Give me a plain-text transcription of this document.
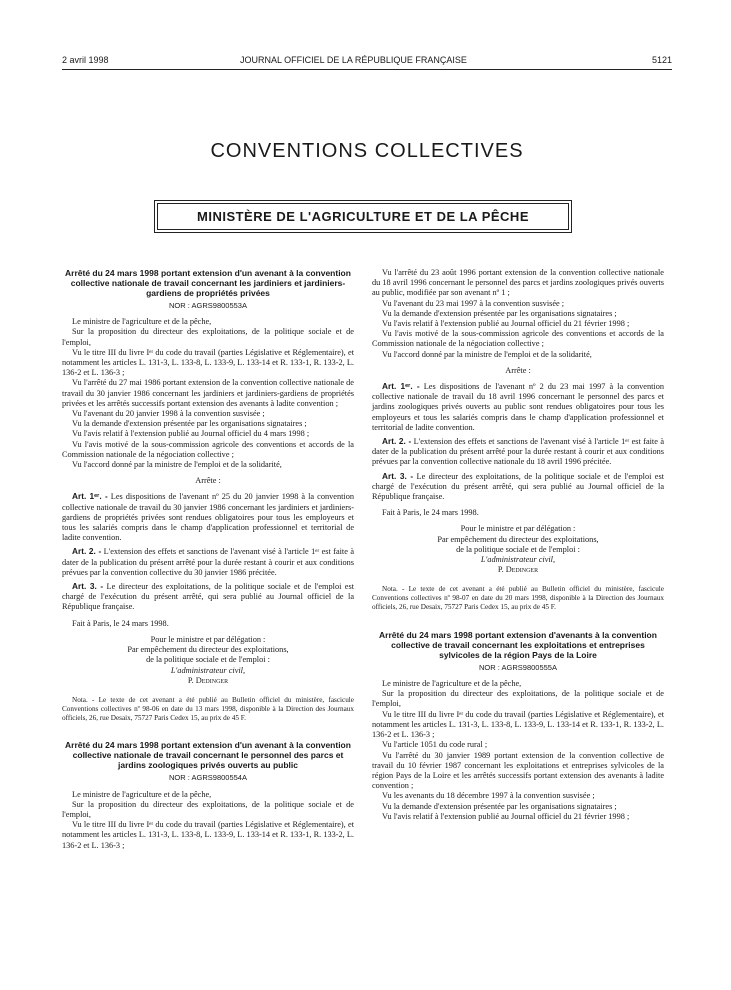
2 avril 1998	JOURNAL OFFICIEL DE LA RÉPUBLIQUE FRANÇAISE	5121
CONVENTIONS COLLECTIVES
MINISTÈRE DE L'AGRICULTURE ET DE LA PÊCHE

Arrêté du 24 mars 1998 portant extension d'un avenant à la convention collective nationale de travail concernant les jardiniers et jardiniers-gardiens de propriétés privées

NOR : AGRS9800553A

Le ministre de l'agriculture et de la pêche,

Sur la proposition du directeur des exploitations, de la politique sociale et de l'emploi,

Vu le titre III du livre Iᵉʳ du code du travail (parties Législative et Réglementaire), et notamment les articles L. 131-3, L. 133-8, L. 133-9, L. 133-14 et R. 133-1, R. 133-2, L. 136-2 et L. 136-3 ;

Vu l'arrêté du 27 mai 1986 portant extension de la convention collective nationale de travail du 30 janvier 1986 concernant les jardiniers et jardiniers-gardiens de propriétés privées et les arrêtés successifs portant extension des avenants à ladite convention ;

Vu l'avenant du 20 janvier 1998 à la convention susvisée ;

Vu la demande d'extension présentée par les organisations signataires ;

Vu l'avis relatif à l'extension publié au Journal officiel du 4 mars 1998 ;

Vu l'avis motivé de la sous-commission agricole des conventions et accords de la Commission nationale de la négociation collective ;

Vu l'accord donné par la ministre de l'emploi et de la solidarité,

Arrête :

Art. 1ᵉʳ. - Les dispositions de l'avenant nº 25 du 20 janvier 1998 à la convention collective nationale de travail du 30 janvier 1986 concernant les jardiniers et jardiniers-gardiens de propriétés privées sont rendues obligatoires pour tous les employeurs et tous les salariés compris dans le champ d'application professionnel et territorial de ladite convention.

Art. 2. - L'extension des effets et sanctions de l'avenant visé à l'article 1ᵉʳ est faite à dater de la publication du présent arrêté pour la durée restant à courir et aux conditions prévues par la convention collective du 30 janvier 1986 précitée.

Art. 3. - Le directeur des exploitations, de la politique sociale et de l'emploi est chargé de l'exécution du présent arrêté, qui sera publié au Journal officiel de la République française.

Fait à Paris, le 24 mars 1998.

Pour le ministre et par délégation :

Par empêchement du directeur des exploitations,

de la politique sociale et de l'emploi :

L'administrateur civil,

P. Dedinger

Nota. - Le texte de cet avenant a été publié au Bulletin officiel du ministère, fascicule Conventions collectives nº 98-06 en date du 13 mars 1998, disponible à la Direction des Journaux officiels, 26, rue Desaix, 75727 Paris Cedex 15, au prix de 45 F.

Arrêté du 24 mars 1998 portant extension d'un avenant à la convention collective nationale de travail concernant le personnel des parcs et jardins zoologiques privés ouverts au public

NOR : AGRS9800554A

Le ministre de l'agriculture et de la pêche,

Sur la proposition du directeur des exploitations, de la politique sociale et de l'emploi,

Vu le titre III du livre Iᵉʳ du code du travail (parties Législative et Réglementaire), et notamment les articles L. 131-3, L. 133-8, L. 133-9, L. 133-14 et R. 133-1, R. 133-2, L. 136-2 et L. 136-3 ;

Vu l'arrêté du 23 août 1996 portant extension de la convention collective nationale du 18 avril 1996 concernant le personnel des parcs et jardins zoologiques privés ouverts au public, modifiée par son avenant nº 1 ;

Vu l'avenant du 23 mai 1997 à la convention susvisée ;

Vu la demande d'extension présentée par les organisations signataires ;

Vu l'avis relatif à l'extension publié au Journal officiel du 21 février 1998 ;

Vu l'avis motivé de la sous-commission agricole des conventions et accords de la Commission nationale de la négociation collective ;

Vu l'accord donné par la ministre de l'emploi et de la solidarité,

Arrête :

Art. 1ᵉʳ. - Les dispositions de l'avenant nº 2 du 23 mai 1997 à la convention collective nationale de travail du 18 avril 1996 concernant le personnel des parcs et jardins zoologiques privés ouverts au public sont rendues obligatoires pour tous les employeurs et tous les salariés compris dans le champ d'application professionnel et territorial de ladite convention.

Art. 2. - L'extension des effets et sanctions de l'avenant visé à l'article 1ᵉʳ est faite à dater de la publication du présent arrêté pour la durée restant à courir et aux conditions prévues par la convention collective nationale du 18 avril 1996 précitée.

Art. 3. - Le directeur des exploitations, de la politique sociale et de l'emploi est chargé de l'exécution du présent arrêté, qui sera publié au Journal officiel de la République française.

Fait à Paris, le 24 mars 1998.

Pour le ministre et par délégation :

Par empêchement du directeur des exploitations,

de la politique sociale et de l'emploi :

L'administrateur civil,

P. Dedinger

Nota. - Le texte de cet avenant a été publié au Bulletin officiel du ministère, fascicule Conventions collectives nº 98-07 en date du 20 mars 1998, disponible à la Direction des Journaux officiels, 26, rue Desaix, 75727 Paris Cedex 15, au prix de 45 F.

Arrêté du 24 mars 1998 portant extension d'avenants à la convention collective de travail concernant les exploitations et entreprises sylvicoles de la région Pays de la Loire

NOR : AGRS9800555A

Le ministre de l'agriculture et de la pêche,

Sur la proposition du directeur des exploitations, de la politique sociale et de l'emploi,

Vu le titre III du livre Iᵉʳ du code du travail (parties Législative et Réglementaire), et notamment les articles L. 131-3, L. 133-8, L. 133-9, L. 133-14 et R. 133-1, R. 133-2, L. 136-2 et L. 136-3 ;

Vu l'article 1051 du code rural ;

Vu l'arrêté du 30 janvier 1989 portant extension de la convention collective de travail du 10 février 1987 concernant les exploitations et entreprises sylvicoles de la région Pays de la Loire et les arrêtés successifs portant extension des avenants à ladite convention ;

Vu les avenants du 18 décembre 1997 à la convention susvisée ;

Vu la demande d'extension présentée par les organisations signataires ;

Vu l'avis relatif à l'extension publié au Journal officiel du 21 février 1998 ;
